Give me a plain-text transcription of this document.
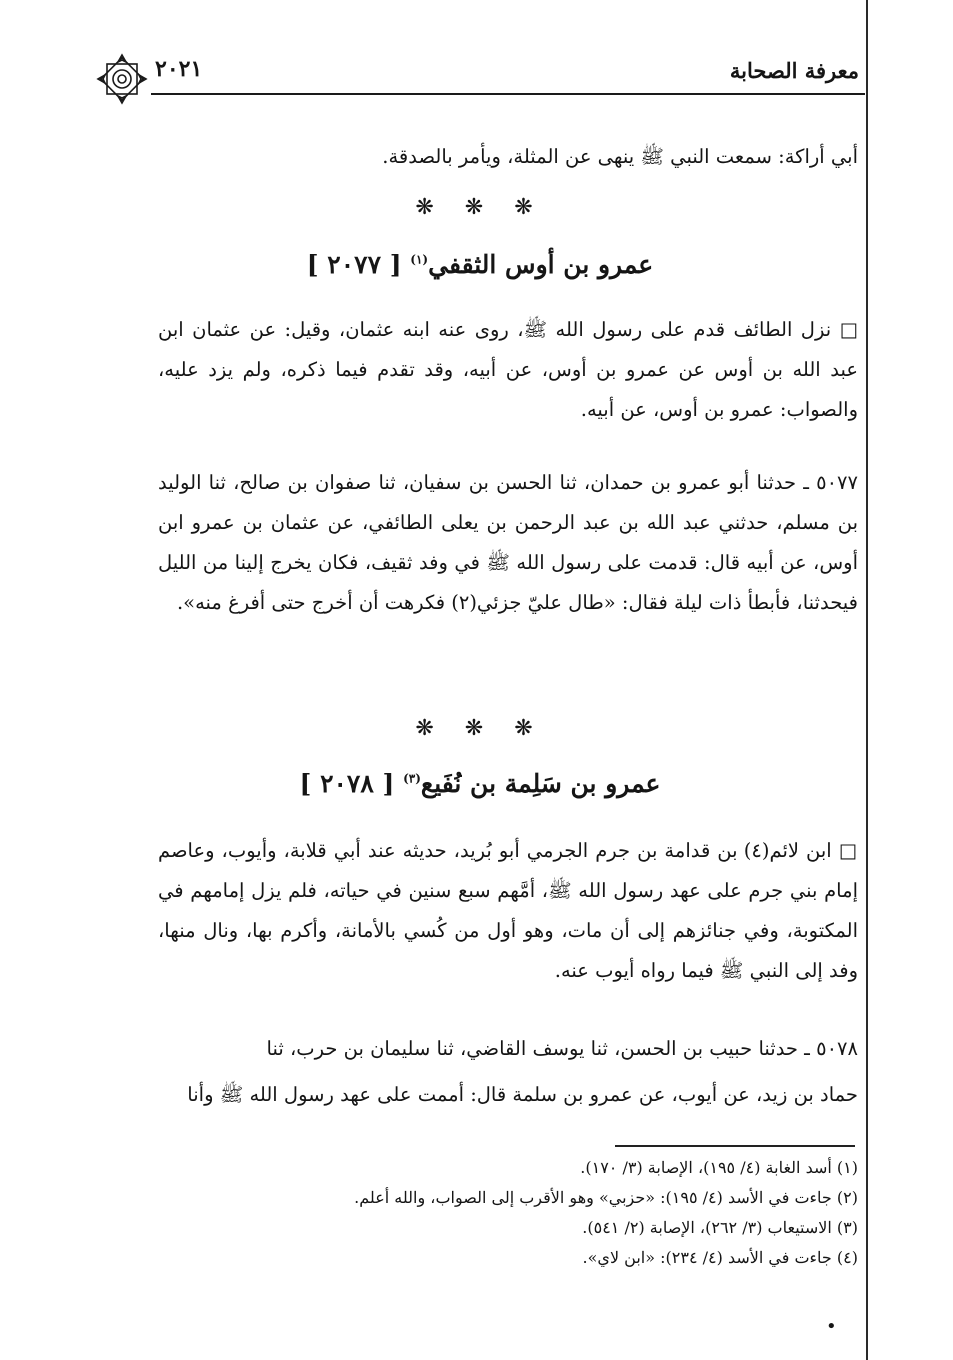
٢٠٢١	معرفة الصحابة
أبي أراكة: سمعت النبي ﷺ ينهى عن المثلة، ويأمر بالصدقة.
❋ ❋ ❋
عمرو بن أوس الثقفي$^{(١)}$ [ ٢٠٧٧ ]
□ نزل الطائف قدم على رسول الله ﷺ، روى عنه ابنه عثمان، وقيل: عن عثمان ابن عبد الله بن أوس عن عمرو بن أوس، عن أبيه، وقد تقدم فيما ذكره، ولم يزد عليه، والصواب: عمرو بن أوس، عن أبيه.
٥٠٧٧ ـ حدثنا أبو عمرو بن حمدان، ثنا الحسن بن سفيان، ثنا صفوان بن صالح، ثنا الوليد بن مسلم، حدثني عبد الله بن عبد الرحمن بن يعلى الطائفي، عن عثمان بن عمرو ابن أوس، عن أبيه قال: قدمت على رسول الله ﷺ في وفد ثقيف، فكان يخرج إلينا من الليل فيحدثنا، فأبطأ ذات ليلة فقال: «طال عليّ جزئي(٢) فكرهت أن أخرج حتى أفرغ منه».
❋ ❋ ❋
عمرو بن سَلِمة بن نُفَيع$^{(٣)}$ [ ٢٠٧٨ ]
□ ابن لائم(٤) بن قدامة بن جرم الجرمي أبو بُريد، حديثه عند أبي قلابة، وأيوب، وعاصم إمام بني جرم على عهد رسول الله ﷺ، أمَّهم سبع سنين في حياته، فلم يزل إمامهم في المكتوبة، وفي جنائزهم إلى أن مات، وهو أول من كُسي بالأمانة، وأكرم بها، ونال منها، وفد إلى النبي ﷺ فيما رواه أيوب عنه.
٥٠٧٨ ـ حدثنا حبيب بن الحسن، ثنا يوسف القاضي، ثنا سليمان بن حرب، ثنا
حماد بن زيد، عن أيوب، عن عمرو بن سلمة قال: أممت على عهد رسول الله ﷺ وأنا
(١) أسد الغابة (٤/ ١٩٥)، الإصابة (٣/ ١٧٠).
(٢) جاءت في الأسد (٤/ ١٩٥): «حزبي» وهو الأقرب إلى الصواب، والله أعلم.
(٣) الاستيعاب (٣/ ٢٦٢)، الإصابة (٢/ ٥٤١).
(٤) جاءت في الأسد (٤/ ٢٣٤): «ابن لاي».
•
